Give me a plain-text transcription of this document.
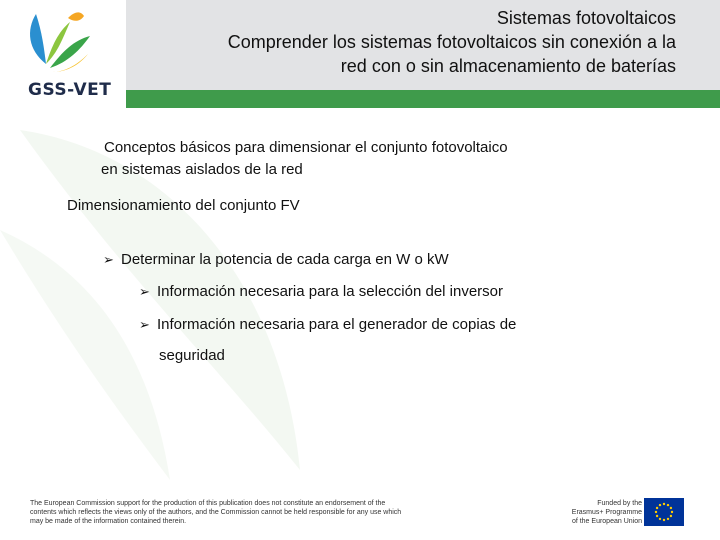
GSS-VET
Sistemas fotovoltaicos
Comprender los sistemas fotovoltaicos sin conexión a la
red con o sin almacenamiento de baterías
Conceptos básicos para dimensionar el conjunto fotovoltaico
en sistemas aislados de la red
Dimensionamiento del conjunto FV
➢ Determinar la potencia de cada carga en W o kW
➢ Información necesaria para la selección del inversor
➢ Información necesaria para el generador de copias de
seguridad
The European Commission support for the production of this publication does not constitute an endorsement of the
contents which reflects the views only of the authors, and the Commission cannot be held responsible for any use which
may be made of the information contained therein.
Funded by the
Erasmus+ Programme
of the European Union
